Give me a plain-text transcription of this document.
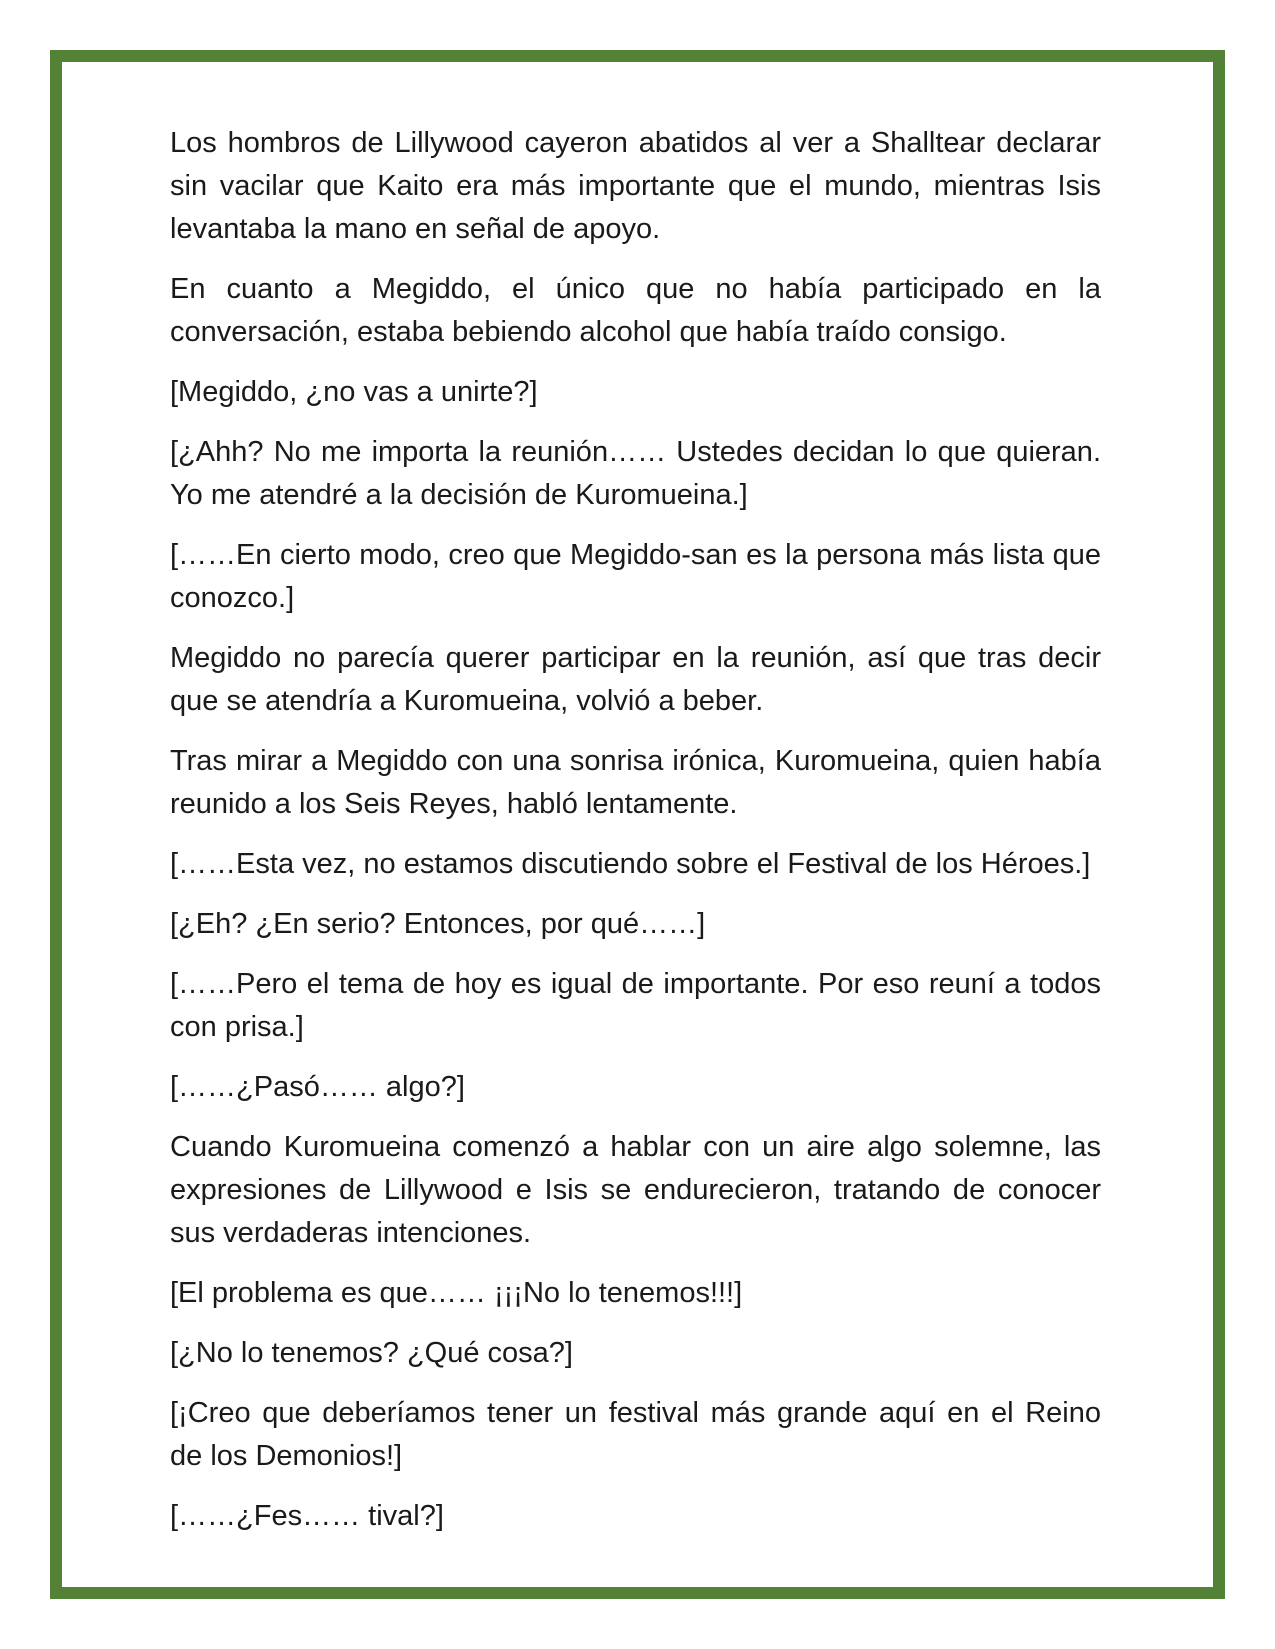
Los hombros de Lillywood cayeron abatidos al ver a Shalltear declarar sin vacilar que Kaito era más importante que el mundo, mientras Isis levantaba la mano en señal de apoyo.

En cuanto a Megiddo, el único que no había participado en la conversación, estaba bebiendo alcohol que había traído consigo.

[Megiddo, ¿no vas a unirte?]

[¿Ahh? No me importa la reunión…… Ustedes decidan lo que quieran. Yo me atendré a la decisión de Kuromueina.]

[……En cierto modo, creo que Megiddo-san es la persona más lista que conozco.]

Megiddo no parecía querer participar en la reunión, así que tras decir que se atendría a Kuromueina, volvió a beber.

Tras mirar a Megiddo con una sonrisa irónica, Kuromueina, quien había reunido a los Seis Reyes, habló lentamente.

[……Esta vez, no estamos discutiendo sobre el Festival de los Héroes.]

[¿Eh? ¿En serio? Entonces, por qué……]

[……Pero el tema de hoy es igual de importante. Por eso reuní a todos con prisa.]

[……¿Pasó…… algo?]

Cuando Kuromueina comenzó a hablar con un aire algo solemne, las expresiones de Lillywood e Isis se endurecieron, tratando de conocer sus verdaderas intenciones.

[El problema es que…… ¡¡¡No lo tenemos!!!]

[¿No lo tenemos? ¿Qué cosa?]

[¡Creo que deberíamos tener un festival más grande aquí en el Reino de los Demonios!]

[……¿Fes…… tival?]
